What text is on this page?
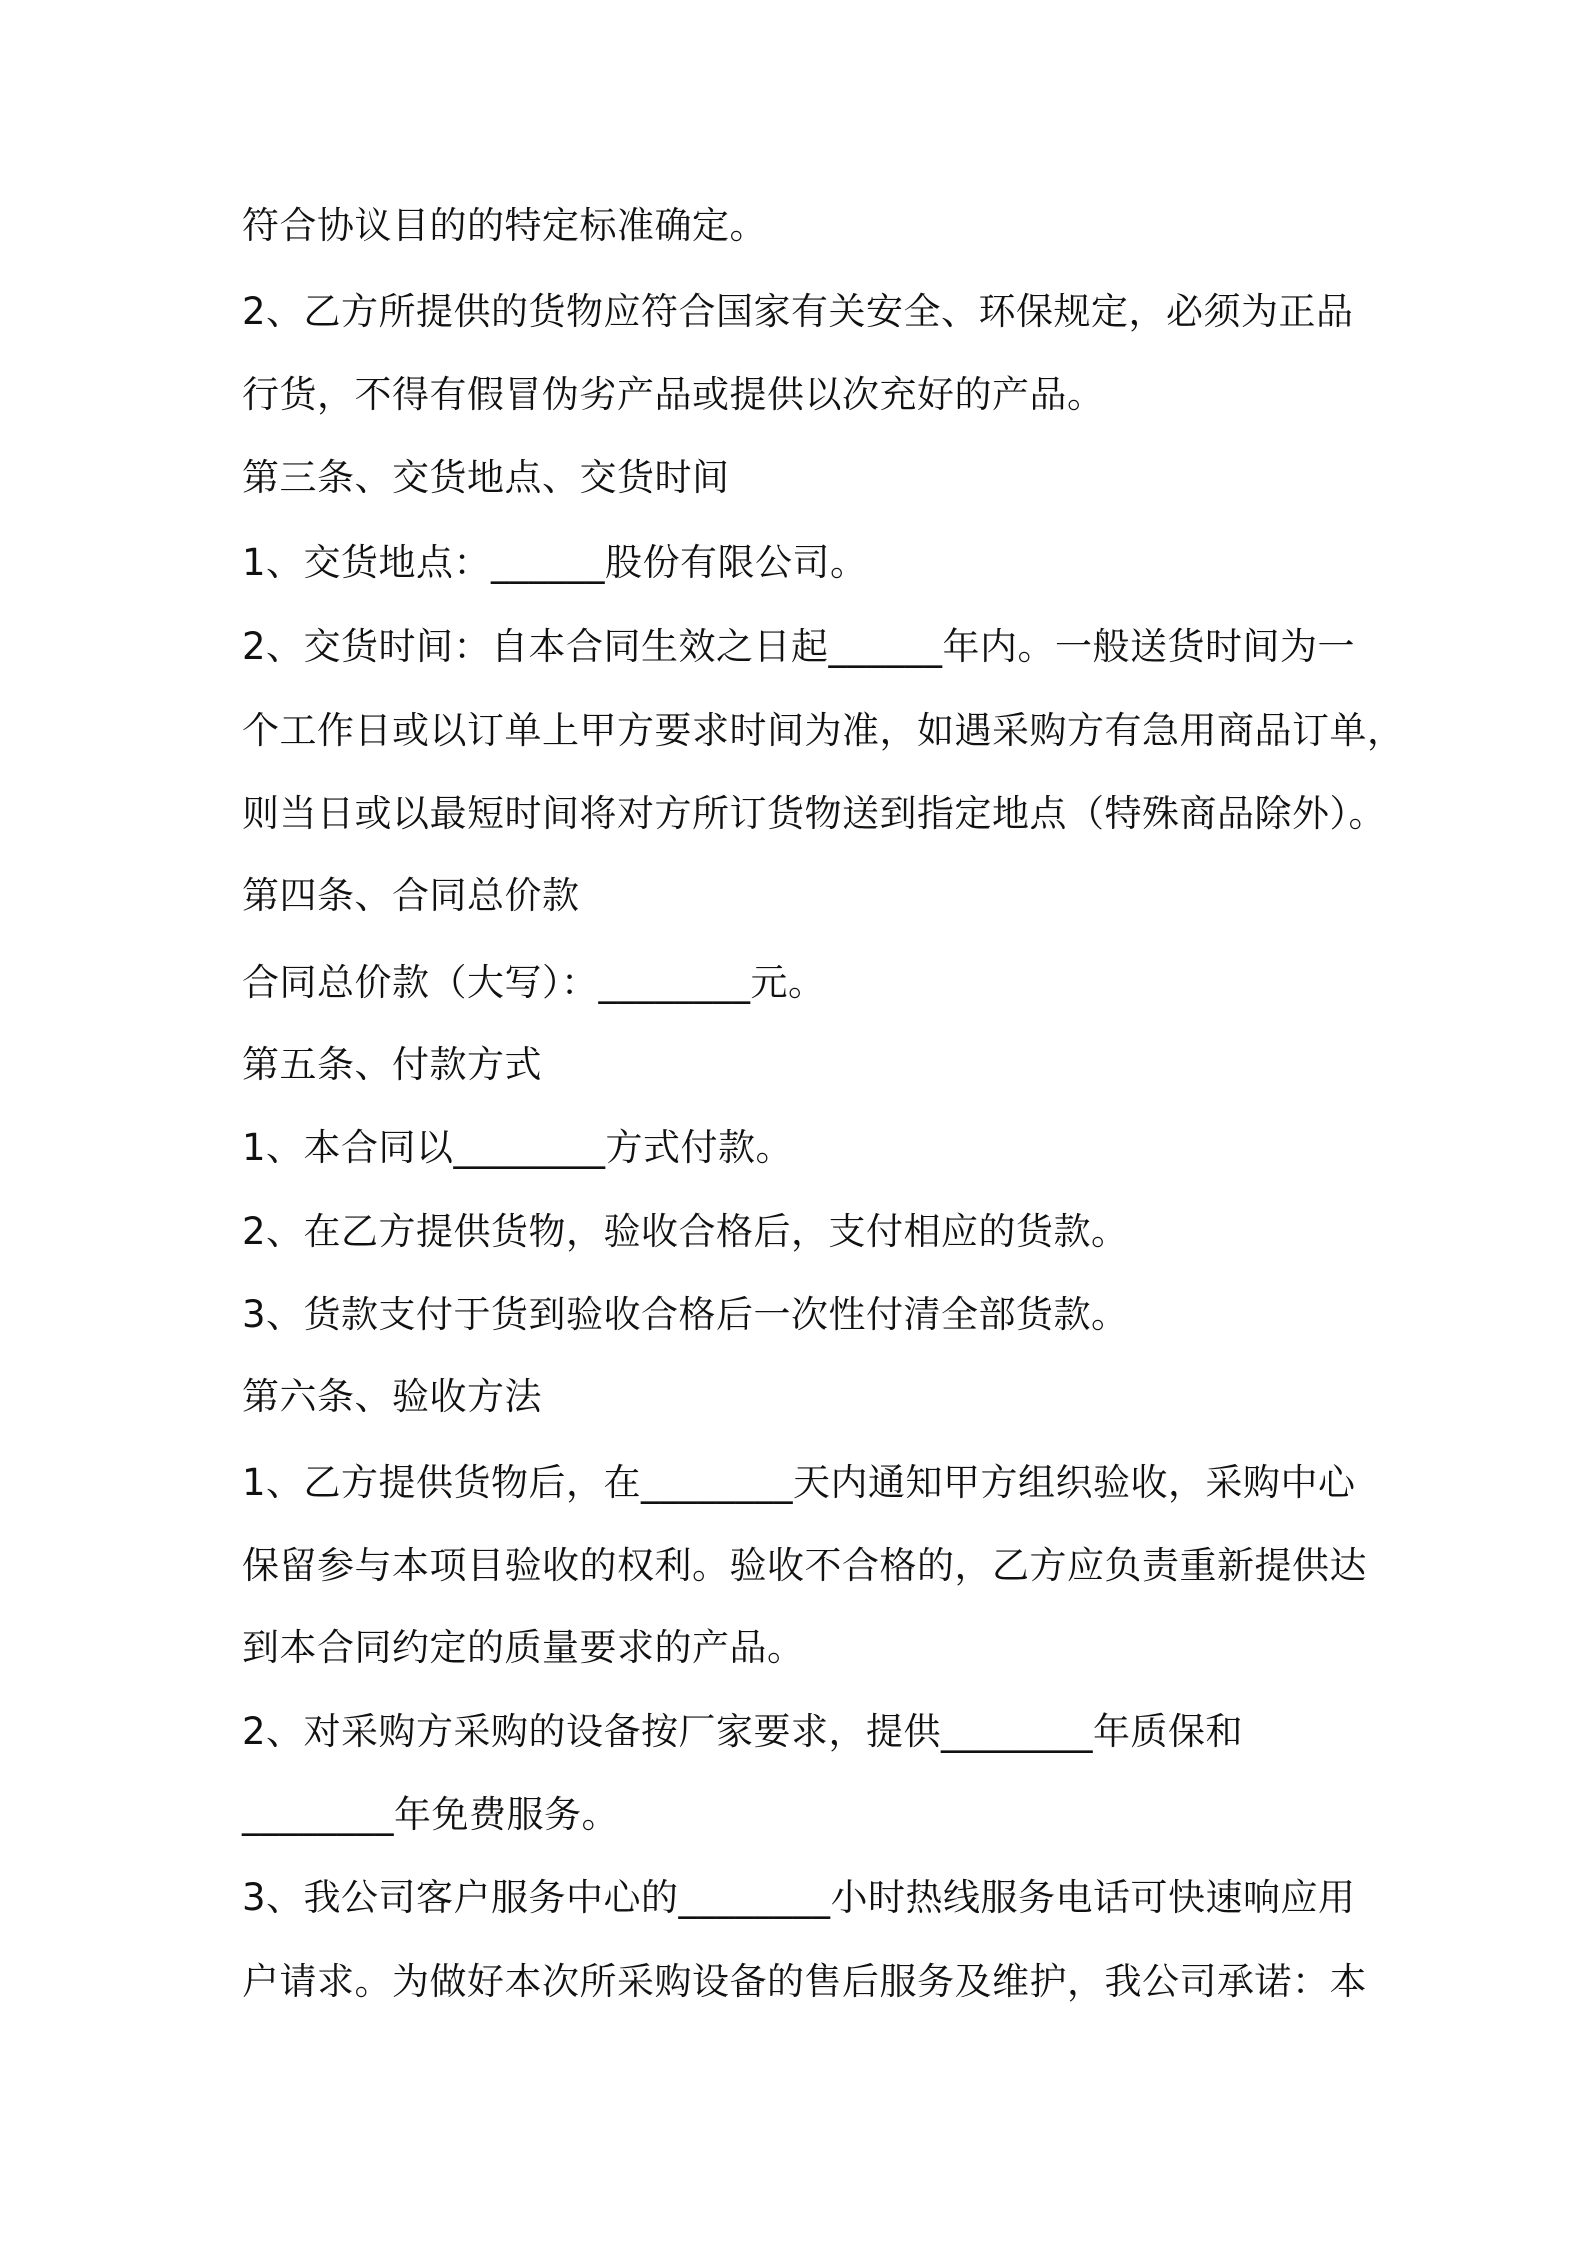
符合协议目的的特定标准确定。
2、乙方所提供的货物应符合国家有关安全、环保规定，必须为正品
行货，不得有假冒伪劣产品或提供以次充好的产品。
第三条、交货地点、交货时间
1、交货地点：______股份有限公司。
2、交货时间：自本合同生效之日起______年内。一般送货时间为一
个工作日或以订单上甲方要求时间为准，如遇采购方有急用商品订单，
则当日或以最短时间将对方所订货物送到指定地点（特殊商品除外）。
第四条、合同总价款
合同总价款（大写）：________元。
第五条、付款方式
1、本合同以________方式付款。
2、在乙方提供货物，验收合格后，支付相应的货款。
3、货款支付于货到验收合格后一次性付清全部货款。
第六条、验收方法
1、乙方提供货物后，在________天内通知甲方组织验收，采购中心
保留参与本项目验收的权利。验收不合格的，乙方应负责重新提供达
到本合同约定的质量要求的产品。
2、对采购方采购的设备按厂家要求，提供________年质保和
________年免费服务。
3、我公司客户服务中心的________小时热线服务电话可快速响应用
户请求。为做好本次所采购设备的售后服务及维护，我公司承诺：本
